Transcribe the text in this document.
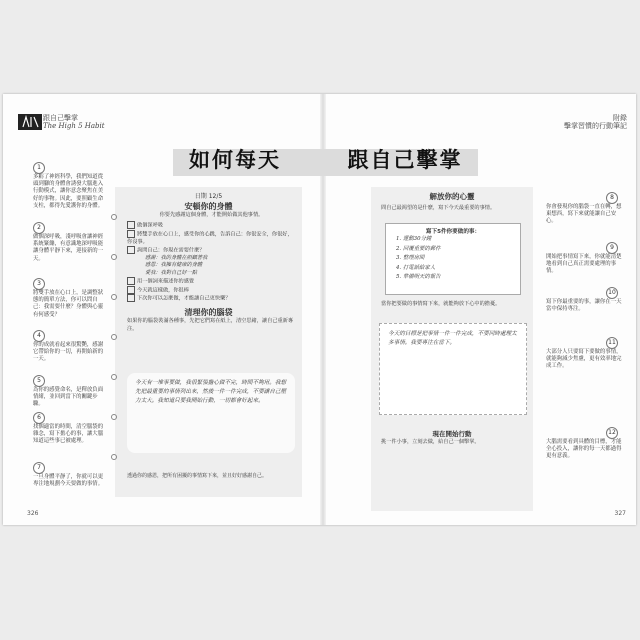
跟自己擊掌
The High 5 Habit
附錄
擊掌習慣的行動筆記
如何每天	跟自己擊掌
1
多虧了神經科學，我們知道從頭到腳的身體會誘發大腦進入行動模式，讓你意念聚焦在美好的事物。因此，要照顧生命支柱，都得先愛護你的身體。
2
做個深呼吸，淺呼吸會讓神經系統緊繃，有意識地深呼吸能讓身體平靜下來，迎接新的一天。
3
將雙手放在心口上，是調整狀態的簡單方法，你可以問自己：我需要什麼？身體與心靈有何感受？
4
你的成就看起來很驚艷，感謝它帶給你的一切，再開始新的一天。
5
為你的感覺命名，是釋放負面情緒，並回到當下的關鍵步驟。
6
找個適當的時間，清空腦袋的雜念，寫下擔心的事，讓大腦知道這些事已被處理。
7
一旦身體平靜了，你就可以更專注地規劃今天要做的事情。
日期 12/5
安頓你的身體
你要先感謝這個身體，才能開始做其他事情。
做個深呼吸
將雙手放在心口上，感受你的心跳，告訴自己：你很安全，你很好，你沒事。
詢問自己：你現在需要什麼？
感謝：我的身體在照顧著我
感恩：我擁有健康的身體
愛我：我對自己好一點
用一個詞來描述你的感覺
今天就這樣做，你很棒
下次你可以怎麼做，才能讓自己更快樂？
清理你的腦袋
如果你的腦袋裝滿各種事，先把它們寫在紙上，清空思緒，讓自己重新專注。
今天有一堆事要做，我很緊張擔心做不完，時間不夠用。我想先把最重要的事情列出來，然後一件一件完成，不要讓自己壓力太大。我知道只要我開始行動，一切都會好起來。
透過你的感恩，把所有困擾的事情寫下來，並且好好感謝自己。
解放你的心靈
問自己最渴望的是什麼，寫下今天最重要的事情。
寫下5件你要做的事：
1. 運動30分鐘
2. 回覆重要的郵件
3. 整理房間
4. 打電話給家人
5. 準備明天的報告
當你把要做的事情寫下來，就能夠放下心中的擔憂。
今天的目標是把事情一件一件完成，不要同時處理太多事情。我要專注在當下。
現在開始行動
挑一件小事，立刻去做，給自己一個擊掌。
8
你會發現你的腦袋一直在轉，想東想西，寫下來就能讓自己安心。
9
開始把事情寫下來，你就能清楚地看到自己真正需要處理的事情。
10
寫下你最重要的事，讓你在一天當中保持專注。
11
大部分人只要寫下要做的事情，就能夠減少焦慮，更有效率地完成工作。
12
大腦需要看到具體的目標，才能全心投入，讓你的每一天都過得更有意義。
326	327
